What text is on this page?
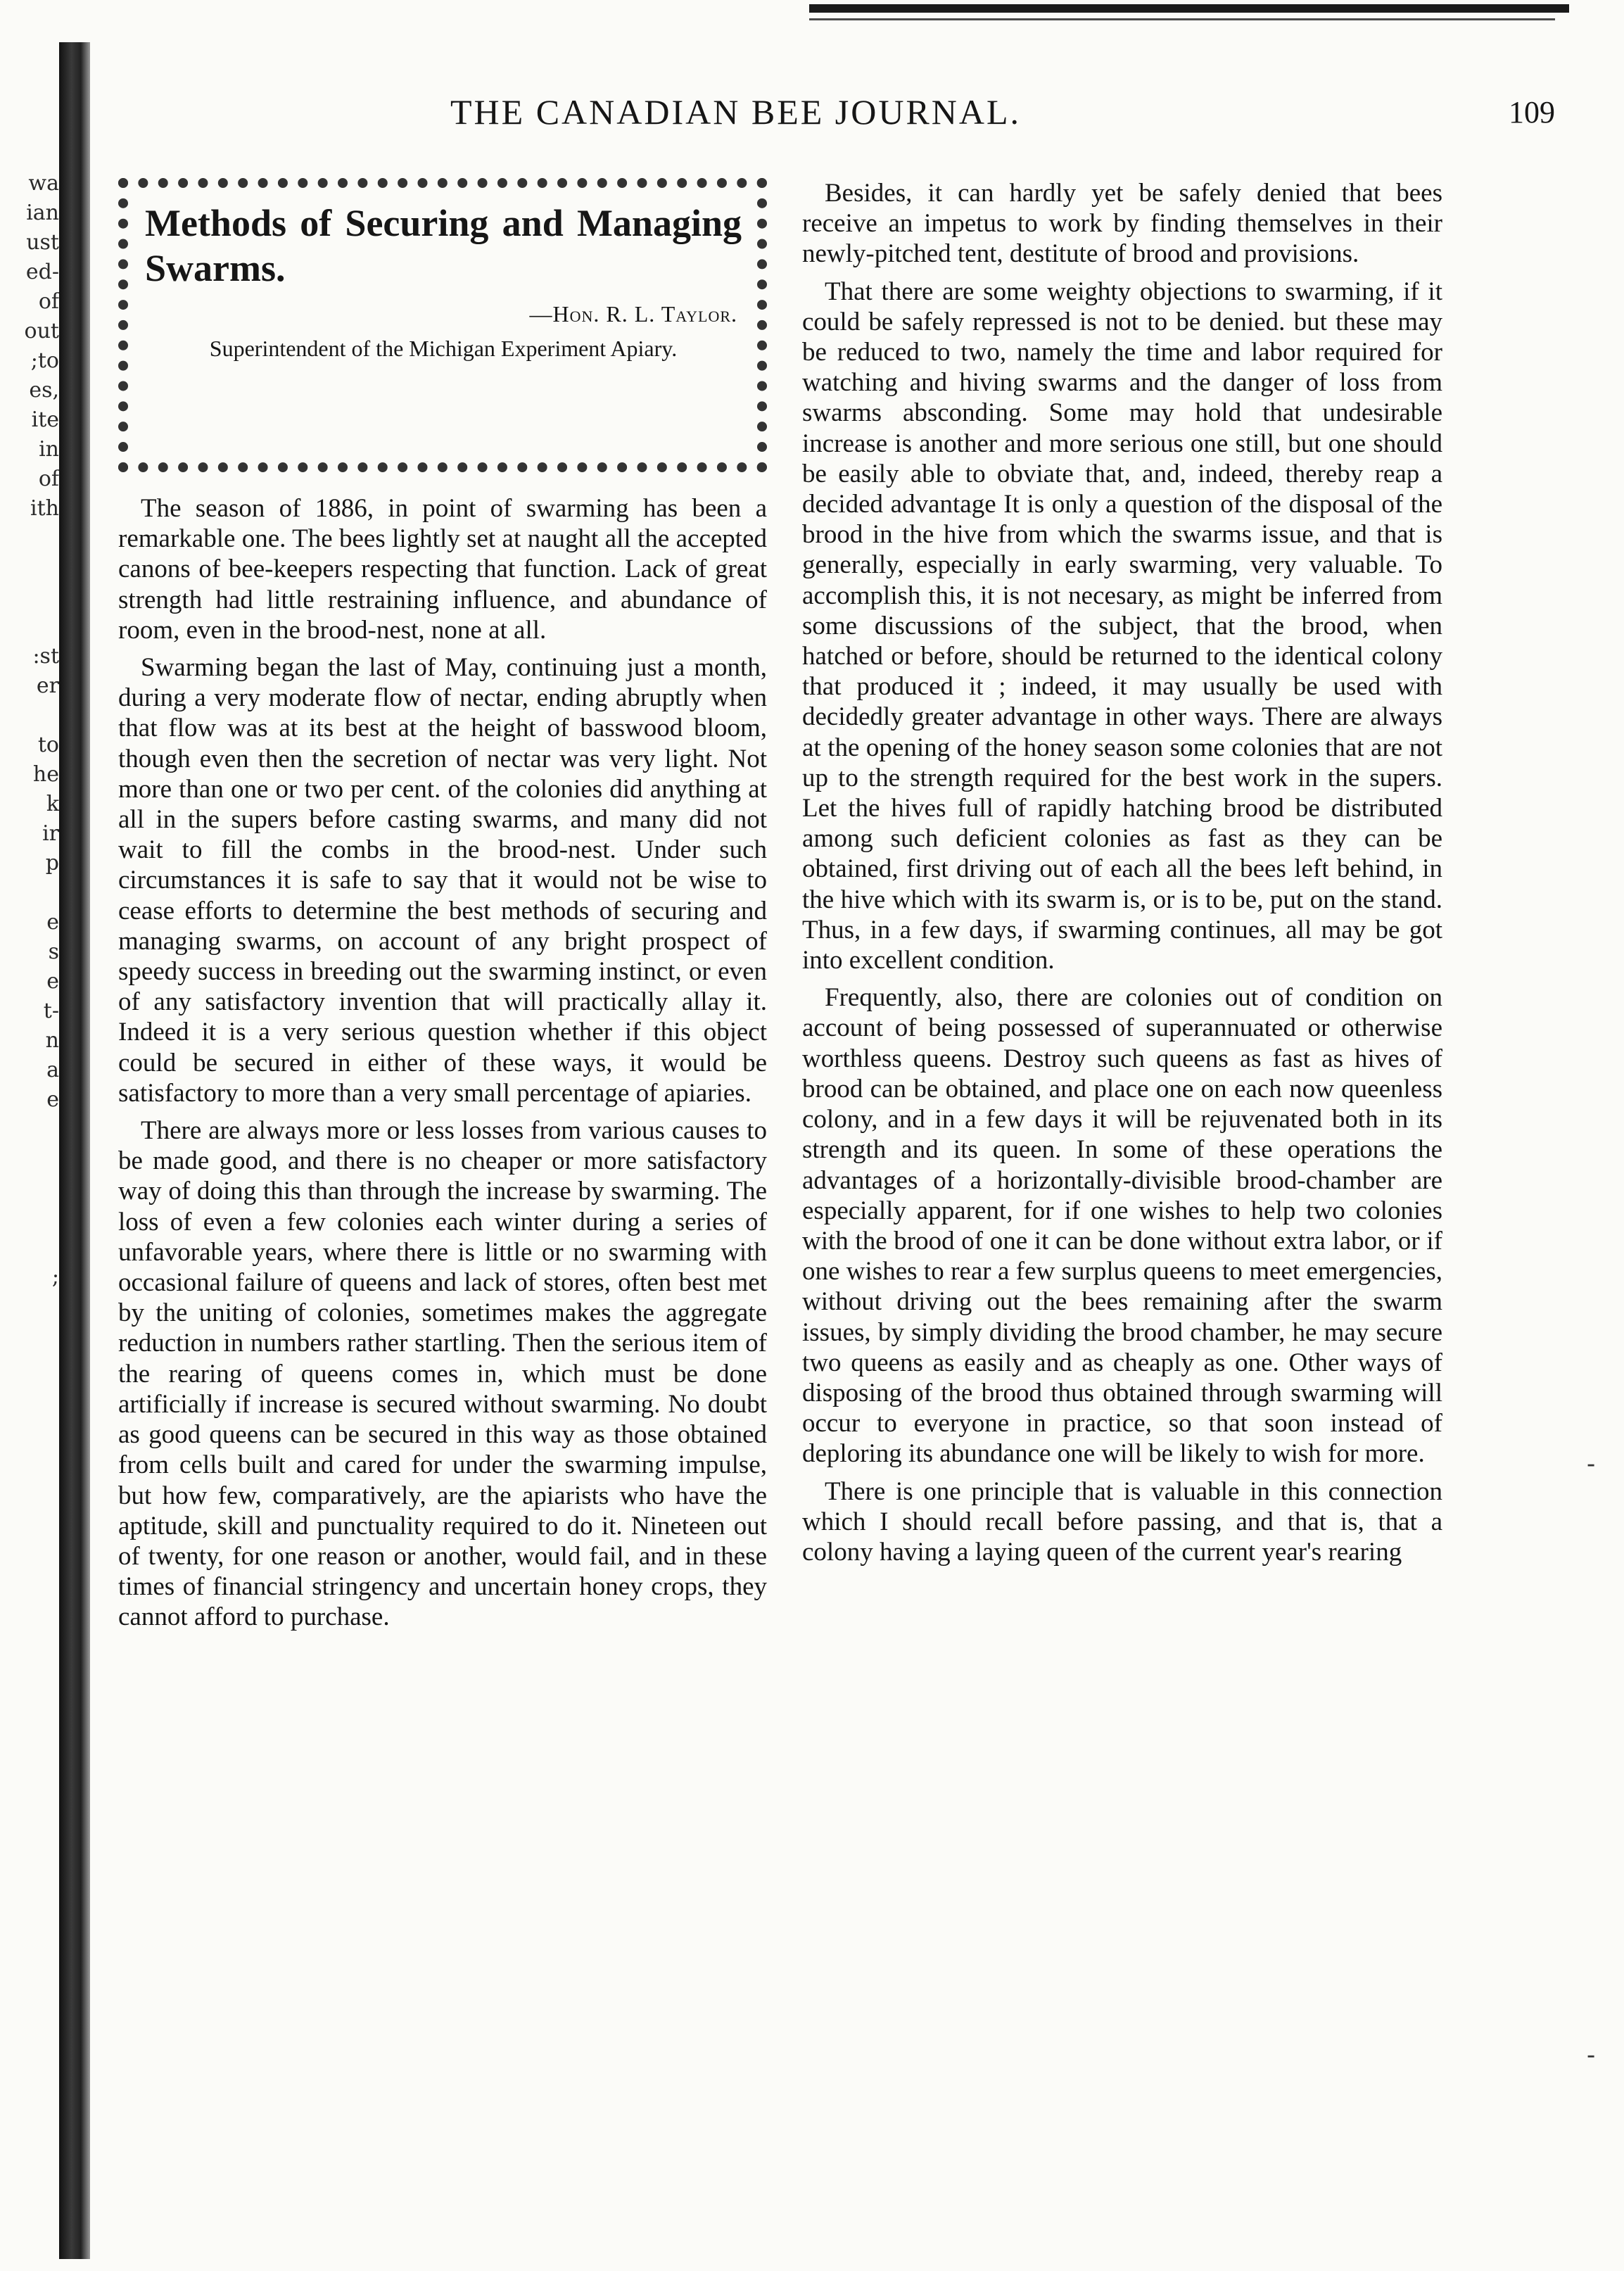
wa
ian
ust
ed-
of
out
;to
es,
ite
in
of
ith
:st
er
to
he
k
ir
p
e
s
e
t-
n
a
e
;
THE CANADIAN BEE JOURNAL.	109

Methods of Securing and Managing Swarms.

—Hon. R. L. Taylor.
Superintendent of the Michigan Experiment Apiary.

The season of 1886, in point of swarming has been a remarkable one. The bees lightly set at naught all the accepted canons of bee-keepers respecting that function. Lack of great strength had little restraining influence, and abundance of room, even in the brood-nest, none at all.

Swarming began the last of May, continuing just a month, during a very moderate flow of nectar, ending abruptly when that flow was at its best at the height of basswood bloom, though even then the secretion of nectar was very light. Not more than one or two per cent. of the colonies did anything at all in the supers before casting swarms, and many did not wait to fill the combs in the brood-nest. Under such circumstances it is safe to say that it would not be wise to cease efforts to determine the best methods of securing and managing swarms, on account of any bright prospect of speedy success in breeding out the swarming instinct, or even of any satisfactory invention that will practically allay it. Indeed it is a very serious question whether if this object could be secured in either of these ways, it would be satisfactory to more than a very small percentage of apiaries.

There are always more or less losses from various causes to be made good, and there is no cheaper or more satisfactory way of doing this than through the increase by swarming. The loss of even a few colonies each winter during a series of unfavorable years, where there is little or no swarming with occasional failure of queens and lack of stores, often best met by the uniting of colonies, sometimes makes the aggregate reduction in numbers rather startling. Then the serious item of the rearing of queens comes in, which must be done artificially if increase is secured without swarming. No doubt as good queens can be secured in this way as those obtained from cells built and cared for under the swarming impulse, but how few, comparatively, are the apiarists who have the aptitude, skill and punctuality required to do it. Nineteen out of twenty, for one reason or another, would fail, and in these times of financial stringency and uncertain honey crops, they cannot afford to purchase.

Besides, it can hardly yet be safely denied that bees receive an impetus to work by finding themselves in their newly-pitched tent, destitute of brood and provisions.

That there are some weighty objections to swarming, if it could be safely repressed is not to be denied. but these may be reduced to two, namely the time and labor required for watching and hiving swarms and the danger of loss from swarms absconding. Some may hold that undesirable increase is another and more serious one still, but one should be easily able to obviate that, and, indeed, thereby reap a decided advantage It is only a question of the disposal of the brood in the hive from which the swarms issue, and that is generally, especially in early swarming, very valuable. To accomplish this, it is not necesary, as might be inferred from some discussions of the subject, that the brood, when hatched or before, should be returned to the identical colony that produced it ; indeed, it may usually be used with decidedly greater advantage in other ways. There are always at the opening of the honey season some colonies that are not up to the strength required for the best work in the supers. Let the hives full of rapidly hatching brood be distributed among such deficient colonies as fast as they can be obtained, first driving out of each all the bees left behind, in the hive which with its swarm is, or is to be, put on the stand. Thus, in a few days, if swarming continues, all may be got into excellent condition.

Frequently, also, there are colonies out of condition on account of being possessed of superannuated or otherwise worthless queens. Destroy such queens as fast as hives of brood can be obtained, and place one on each now queenless colony, and in a few days it will be rejuvenated both in its strength and its queen. In some of these operations the advantages of a horizontally-divisible brood-chamber are especially apparent, for if one wishes to help two colonies with the brood of one it can be done without extra labor, or if one wishes to rear a few surplus queens to meet emergencies, without driving out the bees remaining after the swarm issues, by simply dividing the brood chamber, he may secure two queens as easily and as cheaply as one. Other ways of disposing of the brood thus obtained through swarming will occur to everyone in practice, so that soon instead of deploring its abundance one will be likely to wish for more.

There is one principle that is valuable in this connection which I should recall before passing, and that is, that a colony having a laying queen of the current year's rearing

-
-
